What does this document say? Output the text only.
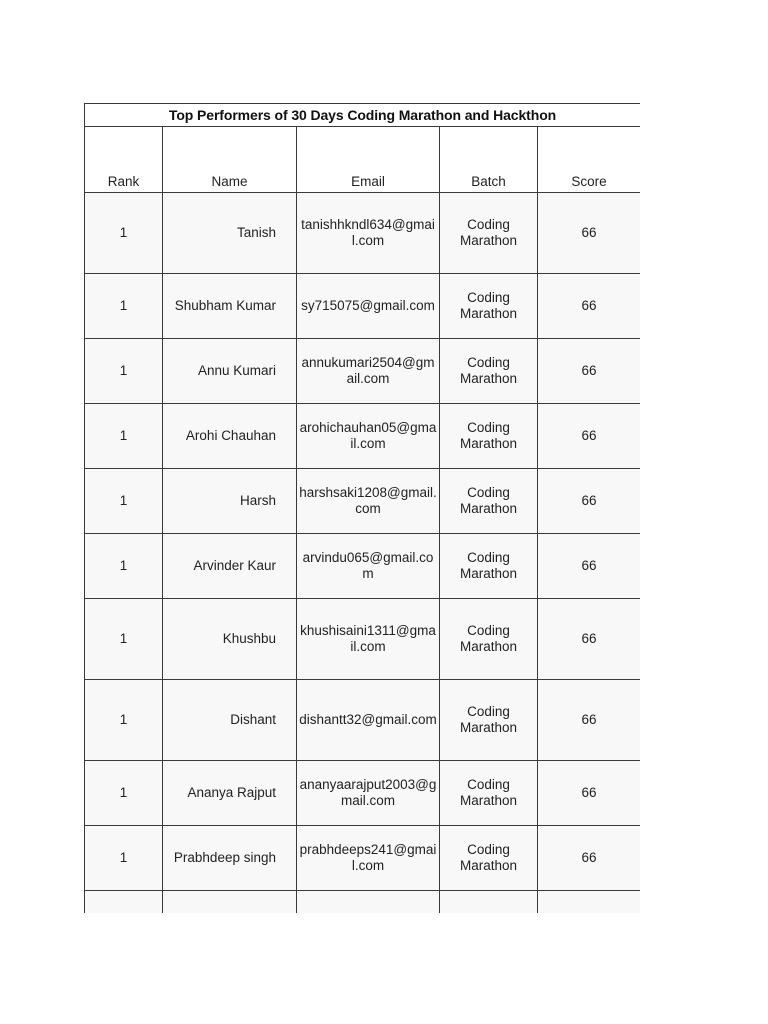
Top Performers of 30 Days Coding Marathon and Hackthon				
Rank	Name	Email	Batch	Score
1	Tanish	tanishhkndl634@gmail.com	Coding Marathon	66
1	Shubham Kumar	sy715075@gmail.com	Coding Marathon	66
1	Annu Kumari	annukumari2504@gmail.com	Coding Marathon	66
1	Arohi Chauhan	arohichauhan05@gmail.com	Coding Marathon	66
1	Harsh	harshsaki1208@gmail.com	Coding Marathon	66
1	Arvinder Kaur	arvindu065@gmail.com	Coding Marathon	66
1	Khushbu	khushisaini1311@gmail.com	Coding Marathon	66
1	Dishant	dishantt32@gmail.com	Coding Marathon	66
1	Ananya Rajput	ananyaarajput2003@gmail.com	Coding Marathon	66
1	Prabhdeep singh	prabhdeeps241@gmail.com	Coding Marathon	66
